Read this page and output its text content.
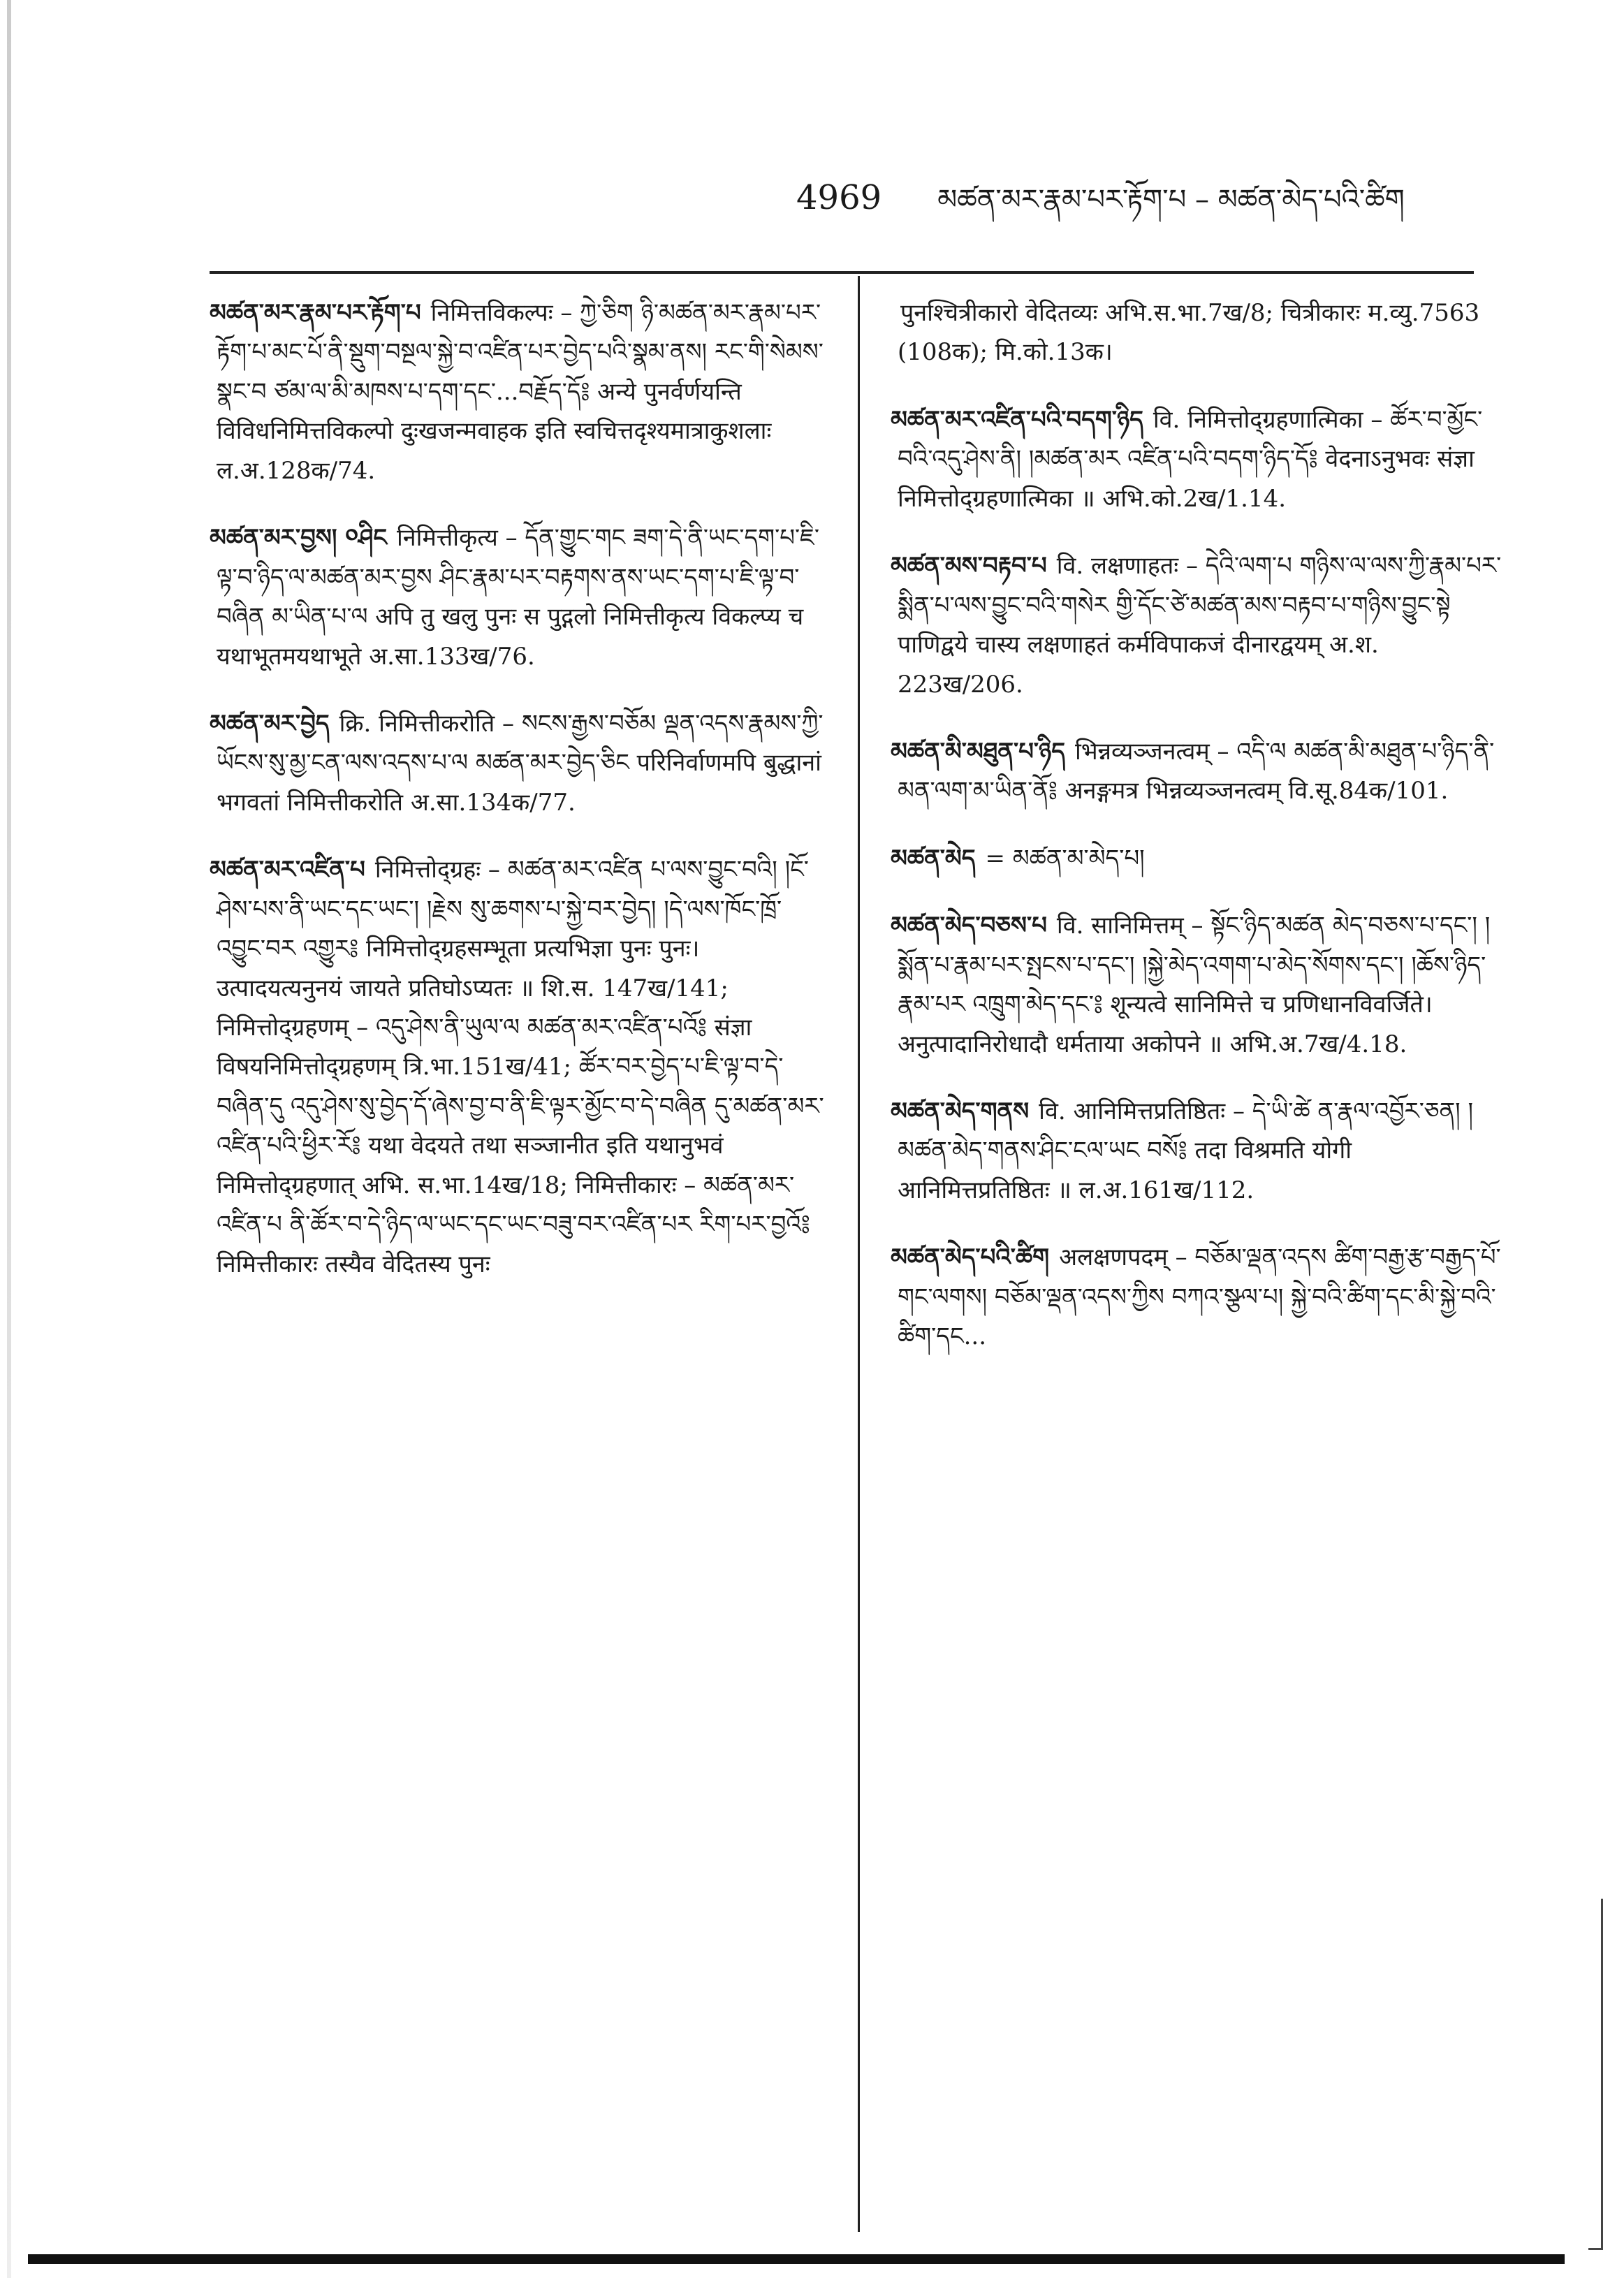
4969 མཚན་མར་རྣམ་པར་རྟོག་པ – མཚན་མེད་པའི་ཚིག

མཚན་མར་རྣམ་པར་རྟོག་པ निमित्तविकल्पः – ཀྱེ་ཅིག ཉི་མཚན་མར་རྣམ་པར་རྟོག་པ་མང་པོ་ནི་སྡུག་བསྔལ་སྐྱེ་བ་འཛིན་པར་བྱེད་པའི་སྣམ་ནས། རང་གི་སེམས་སྣང་བ ཙམ་ལ་མི་མཁས་པ་དག་དང་...བརྗོད་དོ༔ अन्ये पुनर्वर्णयन्ति विविधनिमित्तविकल्पो दुःखजन्मवाहक इति स्वचित्तदृश्यमात्राकुशलाः ल.अ.128क/74.

མཚན་མར་བྱས། ༠ཤིང निमित्तीकृत्य – དོན་གྱུང་གང ཟག་དེ་ནི་ཡང་དག་པ་ཇི་ལྟ་བ་ཉིད་ལ་མཚན་མར་བྱས ཤིང་རྣམ་པར་བརྟགས་ནས་ཡང་དག་པ་ཇི་ལྟ་བ་བཞིན མ་ཡིན་པ་ལ अपि तु खलु पुनः स पुद्गलो निमित्तीकृत्य विकल्प्य च यथाभूतमयथाभूते अ.सा.133ख/76.

མཚན་མར་བྱེད क्रि. निमित्तीकरोति – སངས་རྒྱས་བཅོམ ལྡན་འདས་རྣམས་ཀྱི་ཡོངས་སུ་མྱ་ངན་ལས་འདས་པ་ལ མཚན་མར་བྱེད་ཅིང परिनिर्वाणमपि बुद्धानां भगवतां निमित्तीकरोति अ.सा.134क/77.

མཚན་མར་འཛིན་པ निमित्तोद्ग्रहः – མཚན་མར་འཛིན པ་ལས་བྱུང་བའི། །ངོ་ཤེས་པས་ནི་ཡང་དང་ཡང་། །རྗེས སུ་ཆགས་པ་སྐྱེ་བར་བྱེད། །དེ་ལས་ཁོང་ཁྲོ་འབྱུང་བར འགྱུར༔ निमित्तोद्ग्रहसम्भूता प्रत्यभिज्ञा पुनः पुनः। उत्पादयत्यनुनयं जायते प्रतिघोऽप्यतः ॥ शि.स. 147ख/141; निमित्तोद्ग्रहणम् – འདུ་ཤེས་ནི་ཡུལ་ལ མཚན་མར་འཛིན་པའོ༔ संज्ञा विषयनिमित्तोद्ग्रहणम् त्रि.भा.151ख/41; ཚོར་བར་བྱེད་པ་ཇི་ལྟ་བ་དེ་བཞིན་དུ འདུ་ཤེས་སུ་བྱེད་དོ་ཞེས་བྱ་བ་ནི་ཇི་ལྟར་མྱོང་བ་དེ་བཞིན དུ་མཚན་མར་འཛིན་པའི་ཕྱིར་རོ༔ यथा वेदयते तथा सञ्जानीत इति यथानुभवं निमित्तोद्ग्रहणात् अभि. स.भा.14ख/18; निमित्तीकारः – མཚན་མར་འཛིན་པ ནི་ཚོར་བ་དེ་ཉིད་ལ་ཡང་དང་ཡང་བཟུ་བར་འཛིན་པར རིག་པར་བྱའོ༔ निमित्तीकारः तस्यैव वेदितस्य पुनः

पुनश्चित्रीकारो वेदितव्यः अभि.स.भा.7ख/8; चित्रीकारः म.व्यु.7563 (108क); मि.को.13क।

མཚན་མར་འཛིན་པའི་བདག་ཉིད वि. निमित्तोद्ग्रहणात्मिका – ཚོར་བ་མྱོང་བའི་འདུ་ཤེས་ནི། །མཚན་མར འཛིན་པའི་བདག་ཉིད་དོ༔ वेदनाऽनुभवः संज्ञा निमित्तोद्ग्रहणात्मिका ॥ अभि.को.2ख/1.14.

མཚན་མས་བརྟབ་པ वि. लक्षणाहतः – དེའི་ལག་པ གཉིས་ལ་ལས་ཀྱི་རྣམ་པར་སྨིན་པ་ལས་བྱུང་བའི་གསེར གྱི་དོང་ཙེ་མཚན་མས་བརྟབ་པ་གཉིས་བྱུང་སྟེ पाणिद्वये चास्य लक्षणाहतं कर्मविपाकजं दीनारद्वयम् अ.श. 223ख/206.

མཚན་མི་མཐུན་པ་ཉིད भिन्नव्यञ्जनत्वम् – འདི་ལ མཚན་མི་མཐུན་པ་ཉིད་ནི་མན་ལག་མ་ཡིན་ནོ༔ अनङ्गमत्र भिन्नव्यञ्जनत्वम् वि.सू.84क/101.

མཚན་མེད = མཚན་མ་མེད་པ།

མཚན་མེད་བཅས་པ वि. सानिमित्तम् – སྟོང་ཉིད་མཚན མེད་བཅས་པ་དང་། །སྨོན་པ་རྣམ་པར་སྤངས་པ་དང་། །སྐྱེ་མེད་འགག་པ་མེད་སོགས་དང་། །ཆོས་ཉིད་རྣམ་པར འཁྲུག་མེད་དང་༔ शून्यत्वे सानिमित्ते च प्रणिधानविवर्जिते। अनुत्पादानिरोधादौ धर्मताया अकोपने ॥ अभि.अ.7ख/4.18.

མཚན་མེད་གནས वि. आनिमित्तप्रतिष्ठितः – དེ་ཡི་ཚེ ན་རྣལ་འབྱོར་ཅན། །མཚན་མེད་གནས་ཤིང་ངལ་ཡང བསོ༔ तदा विश्रमति योगी आनिमित्तप्रतिष्ठितः ॥ ल.अ.161ख/112.

མཚན་མེད་པའི་ཚིག अलक्षणपदम् – བཅོམ་ལྡན་འདས ཚིག་བརྒྱ་རྩ་བརྒྱད་པོ་གང་ལགས། བཅོམ་ལྡན་འདས་ཀྱིས བཀའ་སྩལ་པ། སྐྱེ་བའི་ཚིག་དང་མི་སྐྱེ་བའི་ཚིག་དང...
